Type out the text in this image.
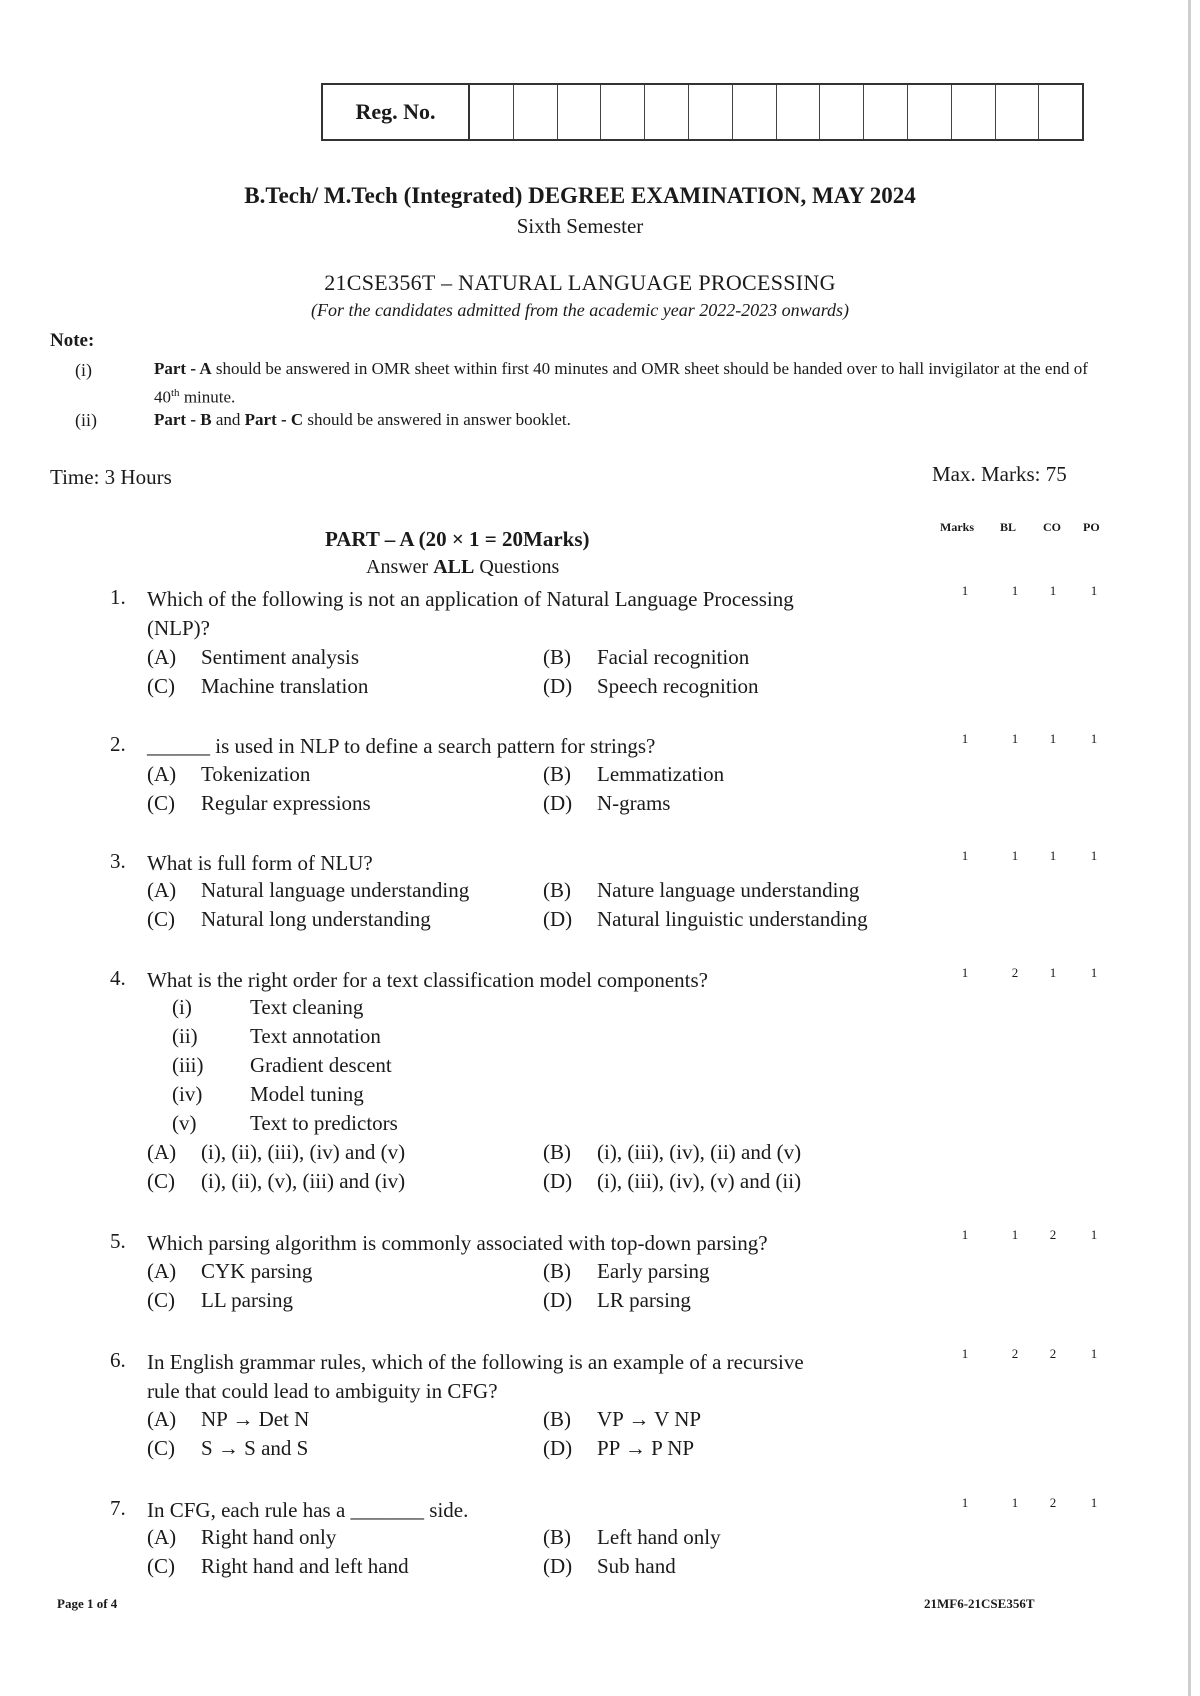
Reg. No.
B.Tech/ M.Tech (Integrated) DEGREE EXAMINATION, MAY 2024
Sixth Semester
21CSE356T – NATURAL LANGUAGE PROCESSING
(For the candidates admitted from the academic year 2022-2023 onwards)
Note:
(i)	Part - A should be answered in OMR sheet within first 40 minutes and OMR sheet should be handed over to hall invigilator at the end of 40th minute.
(ii)	Part - B and Part - C should be answered in answer booklet.
Time: 3 Hours	Max. Marks: 75
Marks BL CO PO
PART – A (20 × 1 = 20Marks)
Answer ALL Questions
1. Which of the following is not an application of Natural Language Processing
(NLP)?
(A)	Sentiment analysis	(B)	Facial recognition
(C)	Machine translation	(D)	Speech recognition
1	1	1	1
2. ______ is used in NLP to define a search pattern for strings?
(A)	Tokenization	(B)	Lemmatization
(C)	Regular expressions	(D)	N-grams
1	1	1	1
3. What is full form of NLU?
(A)	Natural language understanding	(B)	Nature language understanding
(C)	Natural long understanding	(D)	Natural linguistic understanding
1	1	1	1
4. What is the right order for a text classification model components?
(i)	Text cleaning
(ii)	Text annotation
(iii)	Gradient descent
(iv)	Model tuning
(v)	Text to predictors
(A)	(i), (ii), (iii), (iv) and (v)	(B)	(i), (iii), (iv), (ii) and (v)
(C)	(i), (ii), (v), (iii) and (iv)	(D)	(i), (iii), (iv), (v) and (ii)
1	2	1	1
5. Which parsing algorithm is commonly associated with top-down parsing?
(A)	CYK parsing	(B)	Early parsing
(C)	LL parsing	(D)	LR parsing
1	1	2	1
6. In English grammar rules, which of the following is an example of a recursive
rule that could lead to ambiguity in CFG?
(A)	NP → Det N	(B)	VP → V NP
(C)	S → S and S	(D)	PP → P NP
1	2	2	1
7. In CFG, each rule has a _______ side.
(A)	Right hand only	(B)	Left hand only
(C)	Right hand and left hand	(D)	Sub hand
1	1	2	1
Page 1 of 4	21MF6-21CSE356T
